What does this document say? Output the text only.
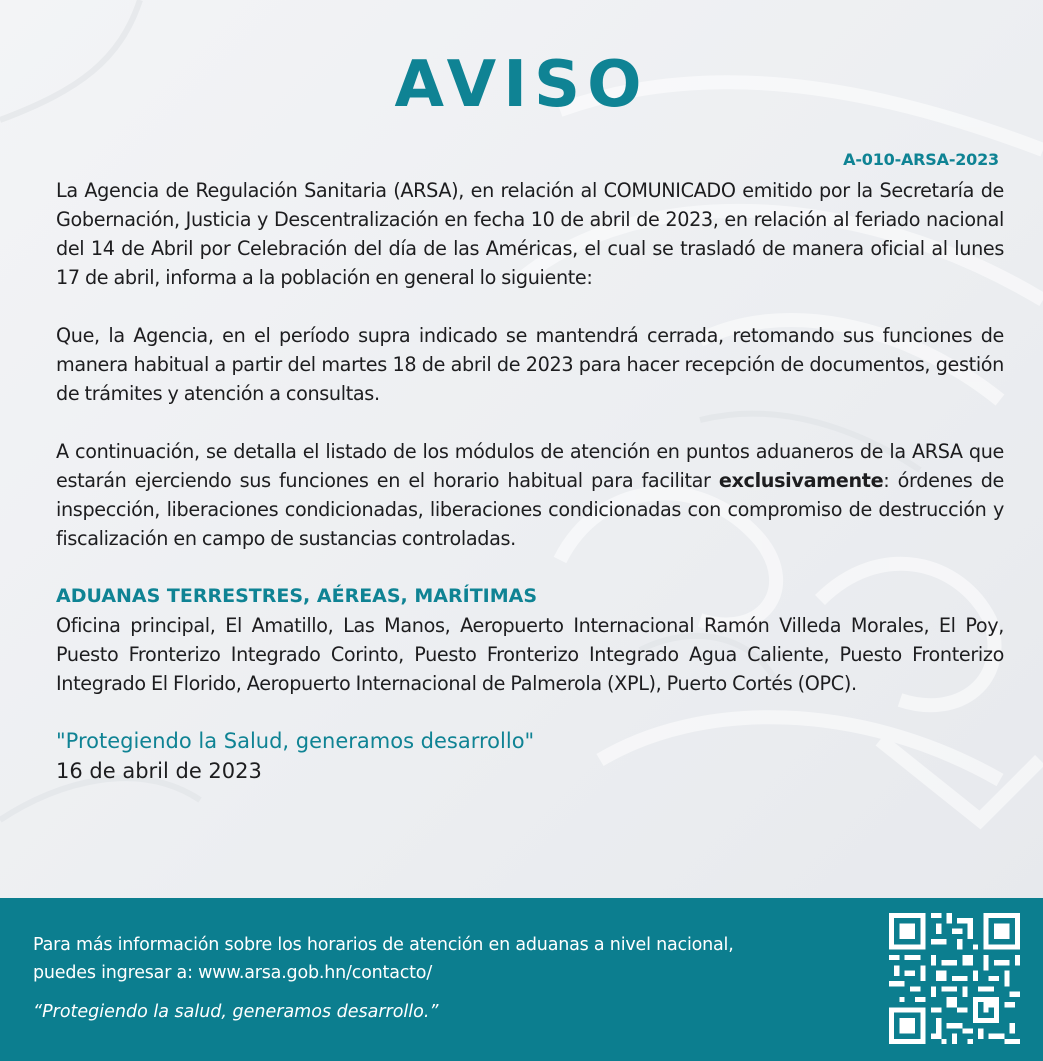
AVISO
A-010-ARSA-2023

La Agencia de Regulación Sanitaria (ARSA), en relación al COMUNICADO emitido por la Secretaría de Gobernación, Justicia y Descentralización en fecha 10 de abril de 2023, en relación al feriado nacional del 14 de Abril por Celebración del día de las Américas, el cual se trasladó de manera oficial al lunes 17 de abril, informa a la población en general lo siguiente:

Que, la Agencia, en el período supra indicado se mantendrá cerrada, retomando sus funciones de manera habitual a partir del martes 18 de abril de 2023 para hacer recepción de documentos, gestión de trámites y atención a consultas.

A continuación, se detalla el listado de los módulos de atención en puntos aduaneros de la ARSA que estarán ejerciendo sus funciones en el horario habitual para facilitar exclusivamente: órdenes de inspección, liberaciones condicionadas, liberaciones condicionadas con compromiso de destrucción y fiscalización en campo de sustancias controladas.

ADUANAS TERRESTRES, AÉREAS, MARÍTIMAS

Oficina principal, El Amatillo, Las Manos, Aeropuerto Internacional Ramón Villeda Morales, El Poy, Puesto Fronterizo Integrado Corinto, Puesto Fronterizo Integrado Agua Caliente, Puesto Fronterizo Integrado El Florido, Aeropuerto Internacional de Palmerola (XPL), Puerto Cortés (OPC).

"Protegiendo la Salud, generamos desarrollo"

16 de abril de 2023

Para más información sobre los horarios de atención en aduanas a nivel nacional,
puedes ingresar a: www.arsa.gob.hn/contacto/
“Protegiendo la salud, generamos desarrollo.”
